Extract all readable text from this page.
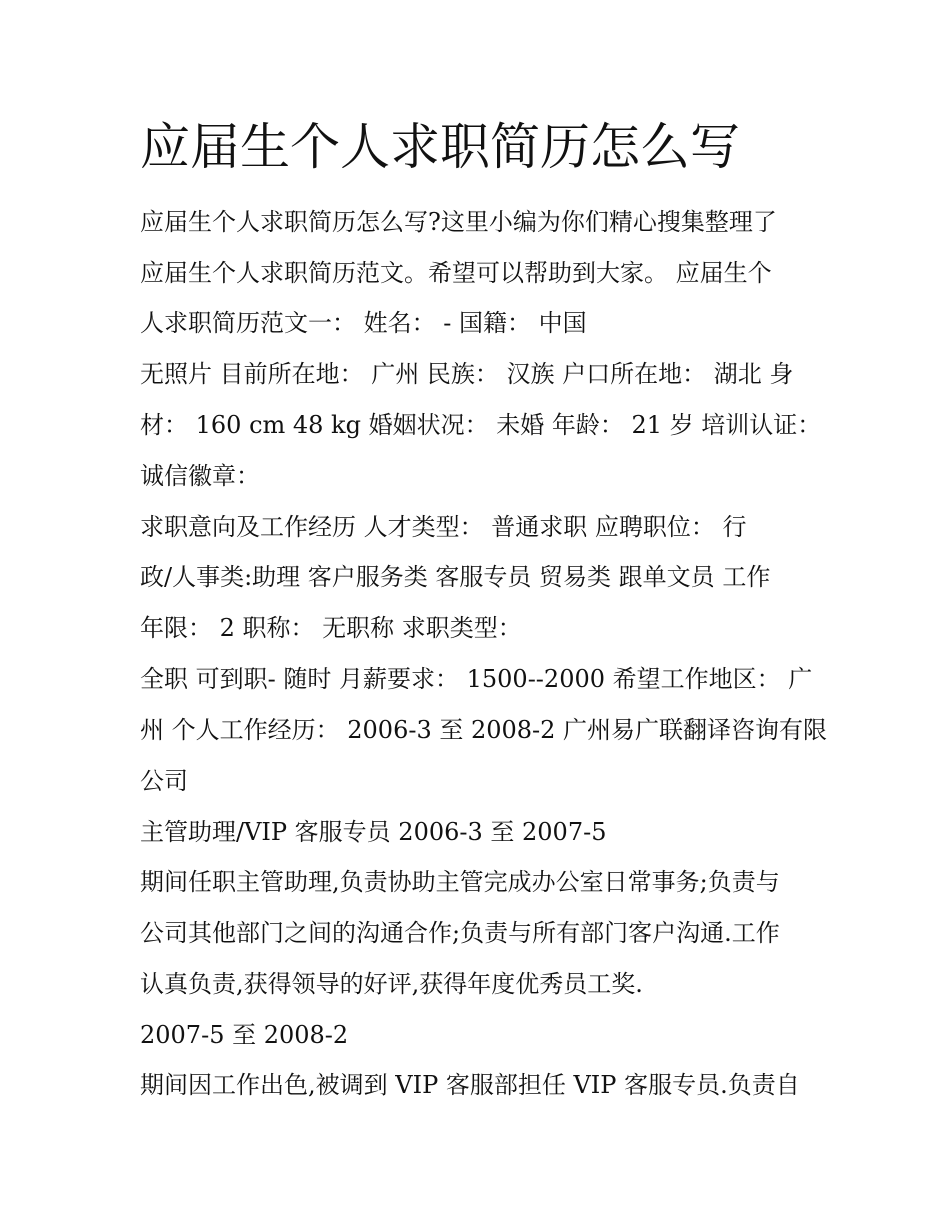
应届生个人求职简历怎么写

应届生个人求职简历怎么写?这里小编为你们精心搜集整理了

应届生个人求职简历范文。希望可以帮助到大家。 应届生个

人求职简历范文一： 姓名： - 国籍： 中国

无照片 目前所在地： 广州 民族： 汉族 户口所在地： 湖北 身

材： 160 cm 48 kg 婚姻状况： 未婚 年龄： 21 岁 培训认证：

诚信徽章：

求职意向及工作经历 人才类型： 普通求职 应聘职位： 行

政/人事类:助理 客户服务类 客服专员 贸易类 跟单文员 工作

年限： 2 职称： 无职称 求职类型：

全职 可到职- 随时 月薪要求： 1500--2000 希望工作地区： 广

州 个人工作经历： 2006-3 至 2008-2 广州易广联翻译咨询有限

公司

主管助理/VIP 客服专员 2006-3 至 2007-5

期间任职主管助理,负责协助主管完成办公室日常事务;负责与

公司其他部门之间的沟通合作;负责与所有部门客户沟通.工作

认真负责,获得领导的好评,获得年度优秀员工奖.

2007-5 至 2008-2

期间因工作出色,被调到 VIP 客服部担任 VIP 客服专员.负责自
